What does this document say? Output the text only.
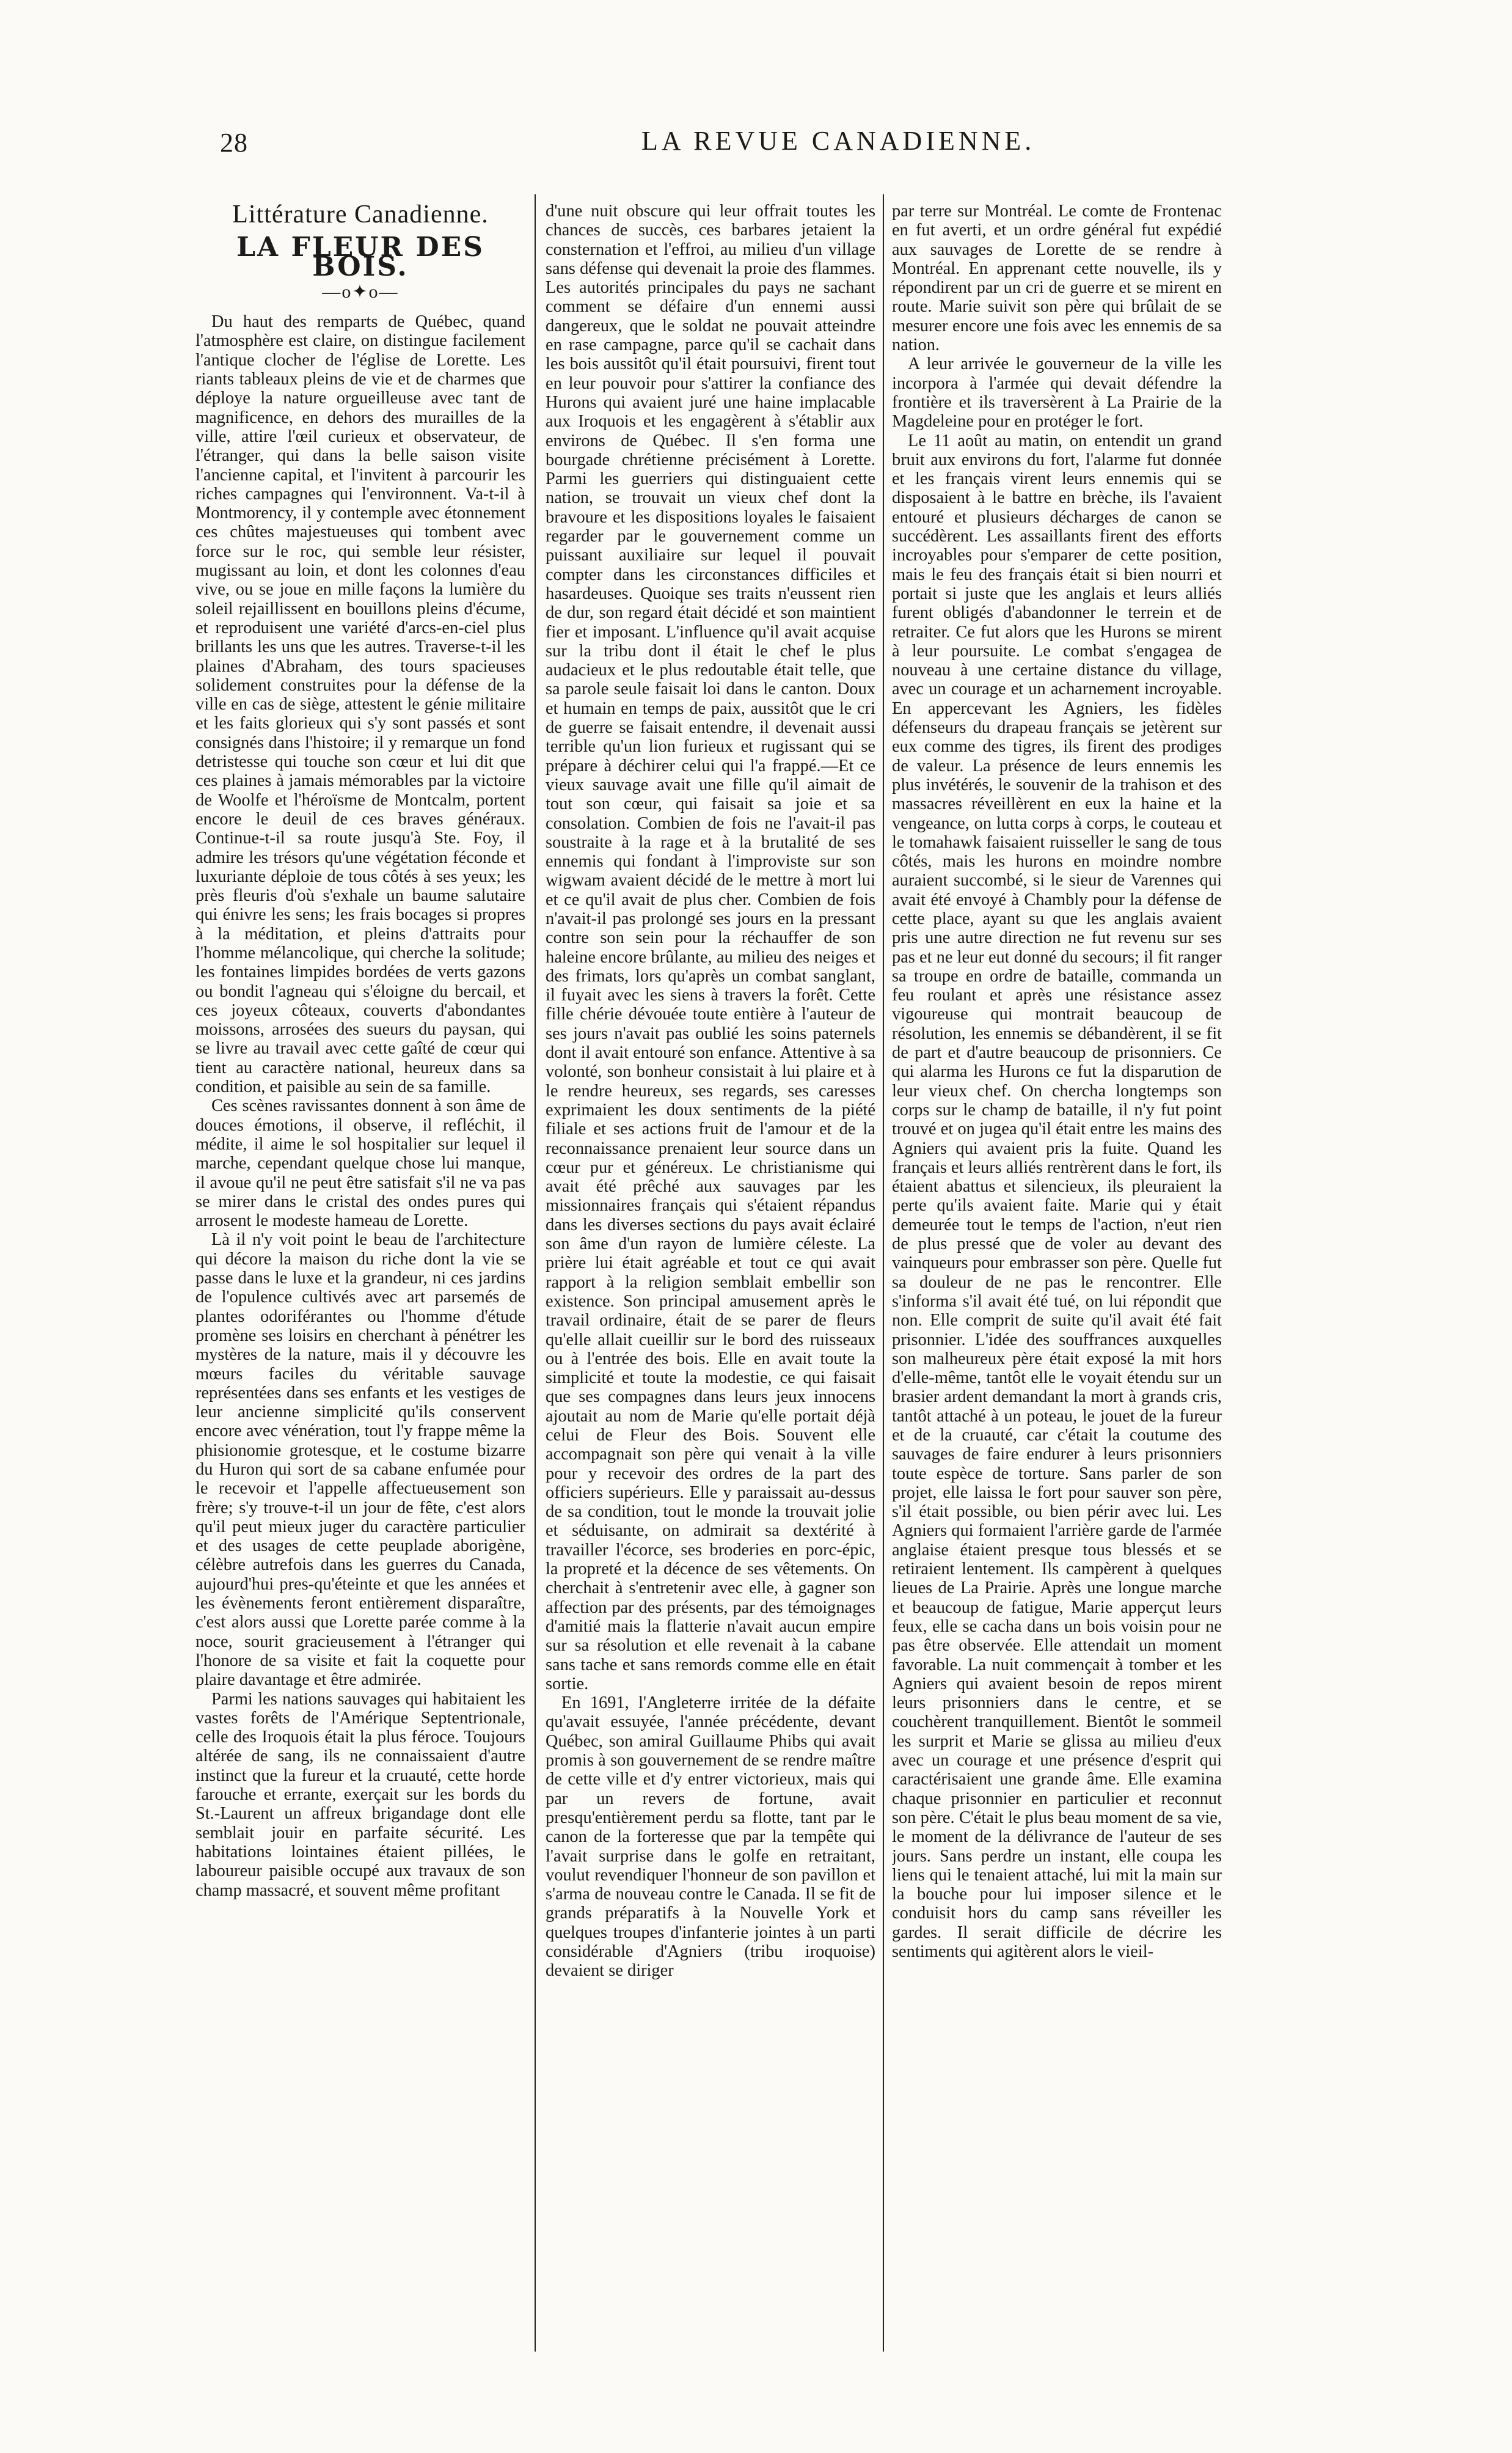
28	LA REVUE CANADIENNE.
Littérature Canadienne.
LA FLEUR DES BOIS.
—o✦o—

Du haut des remparts de Québec, quand l'atmosphère est claire, on distingue facilement l'antique clocher de l'église de Lorette. Les riants tableaux pleins de vie et de charmes que déploye la nature orgueilleuse avec tant de magnificence, en dehors des murailles de la ville, attire l'œil curieux et observateur, de l'étranger, qui dans la belle saison visite l'ancienne capital, et l'invitent à parcourir les riches campagnes qui l'environnent. Va-t-il à Montmorency, il y contemple avec étonnement ces chûtes majestueuses qui tombent avec force sur le roc, qui semble leur résister, mugissant au loin, et dont les colonnes d'eau vive, ou se joue en mille façons la lumière du soleil rejaillissent en bouillons pleins d'écume, et reproduisent une variété d'arcs-en-ciel plus brillants les uns que les autres. Traverse-t-il les plaines d'Abraham, des tours spacieuses solidement construites pour la défense de la ville en cas de siège, attestent le génie militaire et les faits glorieux qui s'y sont passés et sont consignés dans l'histoire; il y remarque un fond detristesse qui touche son cœur et lui dit que ces plaines à jamais mémorables par la victoire de Woolfe et l'héroïsme de Montcalm, portent encore le deuil de ces braves généraux. Continue-t-il sa route jusqu'à Ste. Foy, il admire les trésors qu'une végétation féconde et luxuriante déploie de tous côtés à ses yeux; les près fleuris d'où s'exhale un baume salutaire qui énivre les sens; les frais bocages si propres à la méditation, et pleins d'attraits pour l'homme mélancolique, qui cherche la solitude; les fontaines limpides bordées de verts gazons ou bondit l'agneau qui s'éloigne du bercail, et ces joyeux côteaux, couverts d'abondantes moissons, arrosées des sueurs du paysan, qui se livre au travail avec cette gaîté de cœur qui tient au caractère national, heureux dans sa condition, et paisible au sein de sa famille.

Ces scènes ravissantes donnent à son âme de douces émotions, il observe, il refléchit, il médite, il aime le sol hospitalier sur lequel il marche, cependant quelque chose lui manque, il avoue qu'il ne peut être satisfait s'il ne va pas se mirer dans le cristal des ondes pures qui arrosent le modeste hameau de Lorette.

Là il n'y voit point le beau de l'architecture qui décore la maison du riche dont la vie se passe dans le luxe et la grandeur, ni ces jardins de l'opulence cultivés avec art parsemés de plantes odoriférantes ou l'homme d'étude promène ses loisirs en cherchant à pénétrer les mystères de la nature, mais il y découvre les mœurs faciles du véritable sauvage représentées dans ses enfants et les vestiges de leur ancienne simplicité qu'ils conservent encore avec vénération, tout l'y frappe même la phisionomie grotesque, et le costume bizarre du Huron qui sort de sa cabane enfumée pour le recevoir et l'appelle affectueusement son frère; s'y trouve-t-il un jour de fête, c'est alors qu'il peut mieux juger du caractère particulier et des usages de cette peuplade aborigène, célèbre autrefois dans les guerres du Canada, aujourd'hui pres-qu'éteinte et que les années et les évènements feront entièrement disparaître, c'est alors aussi que Lorette parée comme à la noce, sourit gracieusement à l'étranger qui l'honore de sa visite et fait la coquette pour plaire davantage et être admirée.

Parmi les nations sauvages qui habitaient les vastes forêts de l'Amérique Septentrionale, celle des Iroquois était la plus féroce. Toujours altérée de sang, ils ne connaissaient d'autre instinct que la fureur et la cruauté, cette horde farouche et errante, exerçait sur les bords du St.-Laurent un affreux brigandage dont elle semblait jouir en parfaite sécurité. Les habitations lointaines étaient pillées, le laboureur paisible occupé aux travaux de son champ massacré, et souvent même profitant

d'une nuit obscure qui leur offrait toutes les chances de succès, ces barbares jetaient la consternation et l'effroi, au milieu d'un village sans défense qui devenait la proie des flammes. Les autorités principales du pays ne sachant comment se défaire d'un ennemi aussi dangereux, que le soldat ne pouvait atteindre en rase campagne, parce qu'il se cachait dans les bois aussitôt qu'il était poursuivi, firent tout en leur pouvoir pour s'attirer la confiance des Hurons qui avaient juré une haine implacable aux Iroquois et les engagèrent à s'établir aux environs de Québec. Il s'en forma une bourgade chrétienne précisément à Lorette. Parmi les guerriers qui distinguaient cette nation, se trouvait un vieux chef dont la bravoure et les dispositions loyales le faisaient regarder par le gouvernement comme un puissant auxiliaire sur lequel il pouvait compter dans les circonstances difficiles et hasardeuses. Quoique ses traits n'eussent rien de dur, son regard était décidé et son maintient fier et imposant. L'influence qu'il avait acquise sur la tribu dont il était le chef le plus audacieux et le plus redoutable était telle, que sa parole seule faisait loi dans le canton. Doux et humain en temps de paix, aussitôt que le cri de guerre se faisait entendre, il devenait aussi terrible qu'un lion furieux et rugissant qui se prépare à déchirer celui qui l'a frappé.—Et ce vieux sauvage avait une fille qu'il aimait de tout son cœur, qui faisait sa joie et sa consolation. Combien de fois ne l'avait-il pas soustraite à la rage et à la brutalité de ses ennemis qui fondant à l'improviste sur son wigwam avaient décidé de le mettre à mort lui et ce qu'il avait de plus cher. Combien de fois n'avait-il pas prolongé ses jours en la pressant contre son sein pour la réchauffer de son haleine encore brûlante, au milieu des neiges et des frimats, lors qu'après un combat sanglant, il fuyait avec les siens à travers la forêt. Cette fille chérie dévouée toute entière à l'auteur de ses jours n'avait pas oublié les soins paternels dont il avait entouré son enfance. Attentive à sa volonté, son bonheur consistait à lui plaire et à le rendre heureux, ses regards, ses caresses exprimaient les doux sentiments de la piété filiale et ses actions fruit de l'amour et de la reconnaissance prenaient leur source dans un cœur pur et généreux. Le christianisme qui avait été prêché aux sauvages par les missionnaires français qui s'étaient répandus dans les diverses sections du pays avait éclairé son âme d'un rayon de lumière céleste. La prière lui était agréable et tout ce qui avait rapport à la religion semblait embellir son existence. Son principal amusement après le travail ordinaire, était de se parer de fleurs qu'elle allait cueillir sur le bord des ruisseaux ou à l'entrée des bois. Elle en avait toute la simplicité et toute la modestie, ce qui faisait que ses compagnes dans leurs jeux innocens ajoutait au nom de Marie qu'elle portait déjà celui de Fleur des Bois. Souvent elle accompagnait son père qui venait à la ville pour y recevoir des ordres de la part des officiers supérieurs. Elle y paraissait au-dessus de sa condition, tout le monde la trouvait jolie et séduisante, on admirait sa dextérité à travailler l'écorce, ses broderies en porc-épic, la propreté et la décence de ses vêtements. On cherchait à s'entretenir avec elle, à gagner son affection par des présents, par des témoignages d'amitié mais la flatterie n'avait aucun empire sur sa résolution et elle revenait à la cabane sans tache et sans remords comme elle en était sortie.

En 1691, l'Angleterre irritée de la défaite qu'avait essuyée, l'année précédente, devant Québec, son amiral Guillaume Phibs qui avait promis à son gouvernement de se rendre maître de cette ville et d'y entrer victorieux, mais qui par un revers de fortune, avait presqu'entièrement perdu sa flotte, tant par le canon de la forteresse que par la tempête qui l'avait surprise dans le golfe en retraitant, voulut revendiquer l'honneur de son pavillon et s'arma de nouveau contre le Canada. Il se fit de grands préparatifs à la Nouvelle York et quelques troupes d'infanterie jointes à un parti considérable d'Agniers (tribu iroquoise) devaient se diriger

par terre sur Montréal. Le comte de Frontenac en fut averti, et un ordre général fut expédié aux sauvages de Lorette de se rendre à Montréal. En apprenant cette nouvelle, ils y répondirent par un cri de guerre et se mirent en route. Marie suivit son père qui brûlait de se mesurer encore une fois avec les ennemis de sa nation.

A leur arrivée le gouverneur de la ville les incorpora à l'armée qui devait défendre la frontière et ils traversèrent à La Prairie de la Magdeleine pour en protéger le fort.

Le 11 août au matin, on entendit un grand bruit aux environs du fort, l'alarme fut donnée et les français virent leurs ennemis qui se disposaient à le battre en brèche, ils l'avaient entouré et plusieurs décharges de canon se succédèrent. Les assaillants firent des efforts incroyables pour s'emparer de cette position, mais le feu des français était si bien nourri et portait si juste que les anglais et leurs alliés furent obligés d'abandonner le terrein et de retraiter. Ce fut alors que les Hurons se mirent à leur poursuite. Le combat s'engagea de nouveau à une certaine distance du village, avec un courage et un acharnement incroyable. En appercevant les Agniers, les fidèles défenseurs du drapeau français se jetèrent sur eux comme des tigres, ils firent des prodiges de valeur. La présence de leurs ennemis les plus invétérés, le souvenir de la trahison et des massacres réveillèrent en eux la haine et la vengeance, on lutta corps à corps, le couteau et le tomahawk faisaient ruisseller le sang de tous côtés, mais les hurons en moindre nombre auraient succombé, si le sieur de Varennes qui avait été envoyé à Chambly pour la défense de cette place, ayant su que les anglais avaient pris une autre direction ne fut revenu sur ses pas et ne leur eut donné du secours; il fit ranger sa troupe en ordre de bataille, commanda un feu roulant et après une résistance assez vigoureuse qui montrait beaucoup de résolution, les ennemis se débandèrent, il se fit de part et d'autre beaucoup de prisonniers. Ce qui alarma les Hurons ce fut la disparution de leur vieux chef. On chercha longtemps son corps sur le champ de bataille, il n'y fut point trouvé et on jugea qu'il était entre les mains des Agniers qui avaient pris la fuite. Quand les français et leurs alliés rentrèrent dans le fort, ils étaient abattus et silencieux, ils pleuraient la perte qu'ils avaient faite. Marie qui y était demeurée tout le temps de l'action, n'eut rien de plus pressé que de voler au devant des vainqueurs pour embrasser son père. Quelle fut sa douleur de ne pas le rencontrer. Elle s'informa s'il avait été tué, on lui répondit que non. Elle comprit de suite qu'il avait été fait prisonnier. L'idée des souffrances auxquelles son malheureux père était exposé la mit hors d'elle-même, tantôt elle le voyait étendu sur un brasier ardent demandant la mort à grands cris, tantôt attaché à un poteau, le jouet de la fureur et de la cruauté, car c'était la coutume des sauvages de faire endurer à leurs prisonniers toute espèce de torture. Sans parler de son projet, elle laissa le fort pour sauver son père, s'il était possible, ou bien périr avec lui. Les Agniers qui formaient l'arrière garde de l'armée anglaise étaient presque tous blessés et se retiraient lentement. Ils campèrent à quelques lieues de La Prairie. Après une longue marche et beaucoup de fatigue, Marie apperçut leurs feux, elle se cacha dans un bois voisin pour ne pas être observée. Elle attendait un moment favorable. La nuit commençait à tomber et les Agniers qui avaient besoin de repos mirent leurs prisonniers dans le centre, et se couchèrent tranquillement. Bientôt le sommeil les surprit et Marie se glissa au milieu d'eux avec un courage et une présence d'esprit qui caractérisaient une grande âme. Elle examina chaque prisonnier en particulier et reconnut son père. C'était le plus beau moment de sa vie, le moment de la délivrance de l'auteur de ses jours. Sans perdre un instant, elle coupa les liens qui le tenaient attaché, lui mit la main sur la bouche pour lui imposer silence et le conduisit hors du camp sans réveiller les gardes. Il serait difficile de décrire les sentiments qui agitèrent alors le vieil-
